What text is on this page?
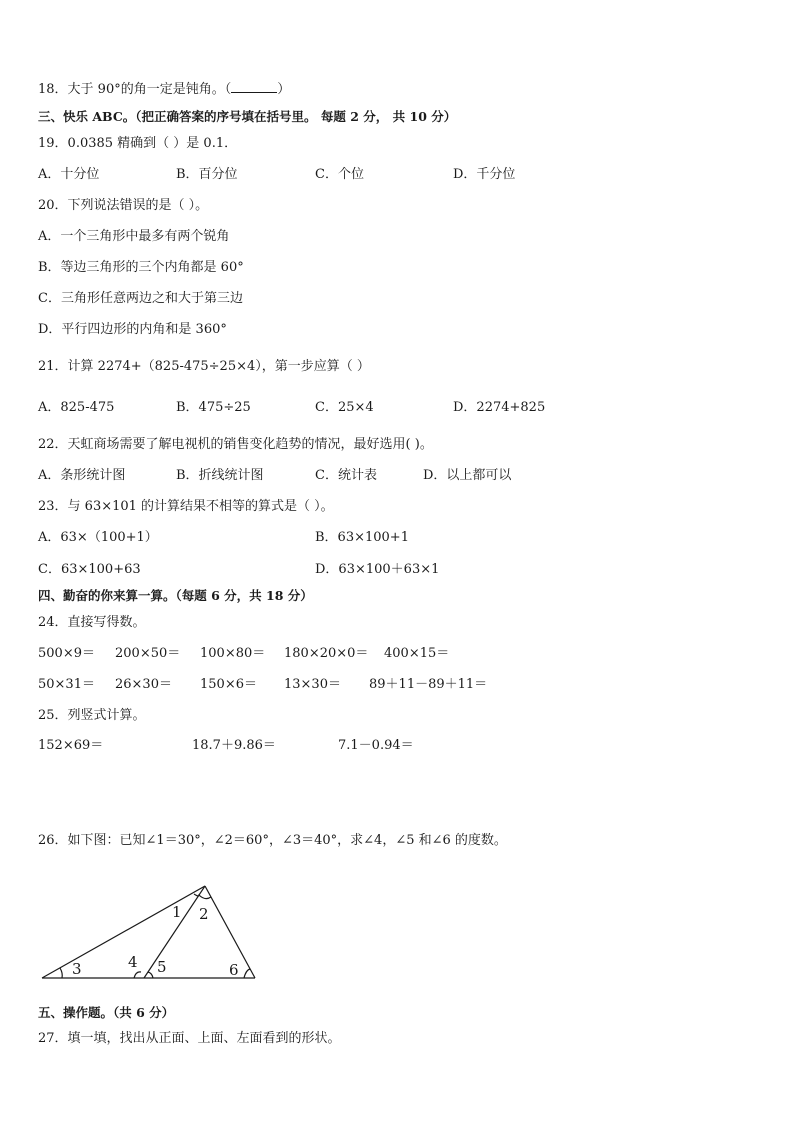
18．大于 90°的角一定是钝角。（	）
三、快乐 ABC。（把正确答案的序号填在括号里。 每题 2 分， 共 10 分）
19．0.0385 精确到（ ）是 0.1．
A．十分位	B．百分位	C．个位	D．千分位
20．下列说法错误的是（ ）。
A．一个三角形中最多有两个锐角
B．等边三角形的三个内角都是 60°
C．三角形任意两边之和大于第三边
D．平行四边形的内角和是 360°
21．计算 2274+（825-475÷25×4），第一步应算（ ）
A．825-475	B．475÷25	C．25×4	D．2274+825
22．天虹商场需要了解电视机的销售变化趋势的情况，最好选用( )。
A．条形统计图	B．折线统计图	C．统计表	D．以上都可以
23．与 63×101 的计算结果不相等的算式是（ ）。
A．63×（100+1）	B．63×100+1
C．63×100+63	D．63×100＋63×1
四、勤奋的你来算一算。（每题 6 分，共 18 分）
24．直接写得数。
500×9＝ 200×50＝ 100×80＝ 180×20×0＝ 400×15＝
50×31＝ 26×30＝ 150×6＝ 13×30＝ 89＋11－89＋11＝
25．列竖式计算。
152×69＝	18.7＋9.86＝	7.1－0.94＝
26．如下图：已知∠1＝30°，∠2＝60°，∠3＝40°，求∠4，∠5 和∠6 的度数。
1 2
3	4 5	6
五、操作题。（共 6 分）
27．填一填，找出从正面、上面、左面看到的形状。
